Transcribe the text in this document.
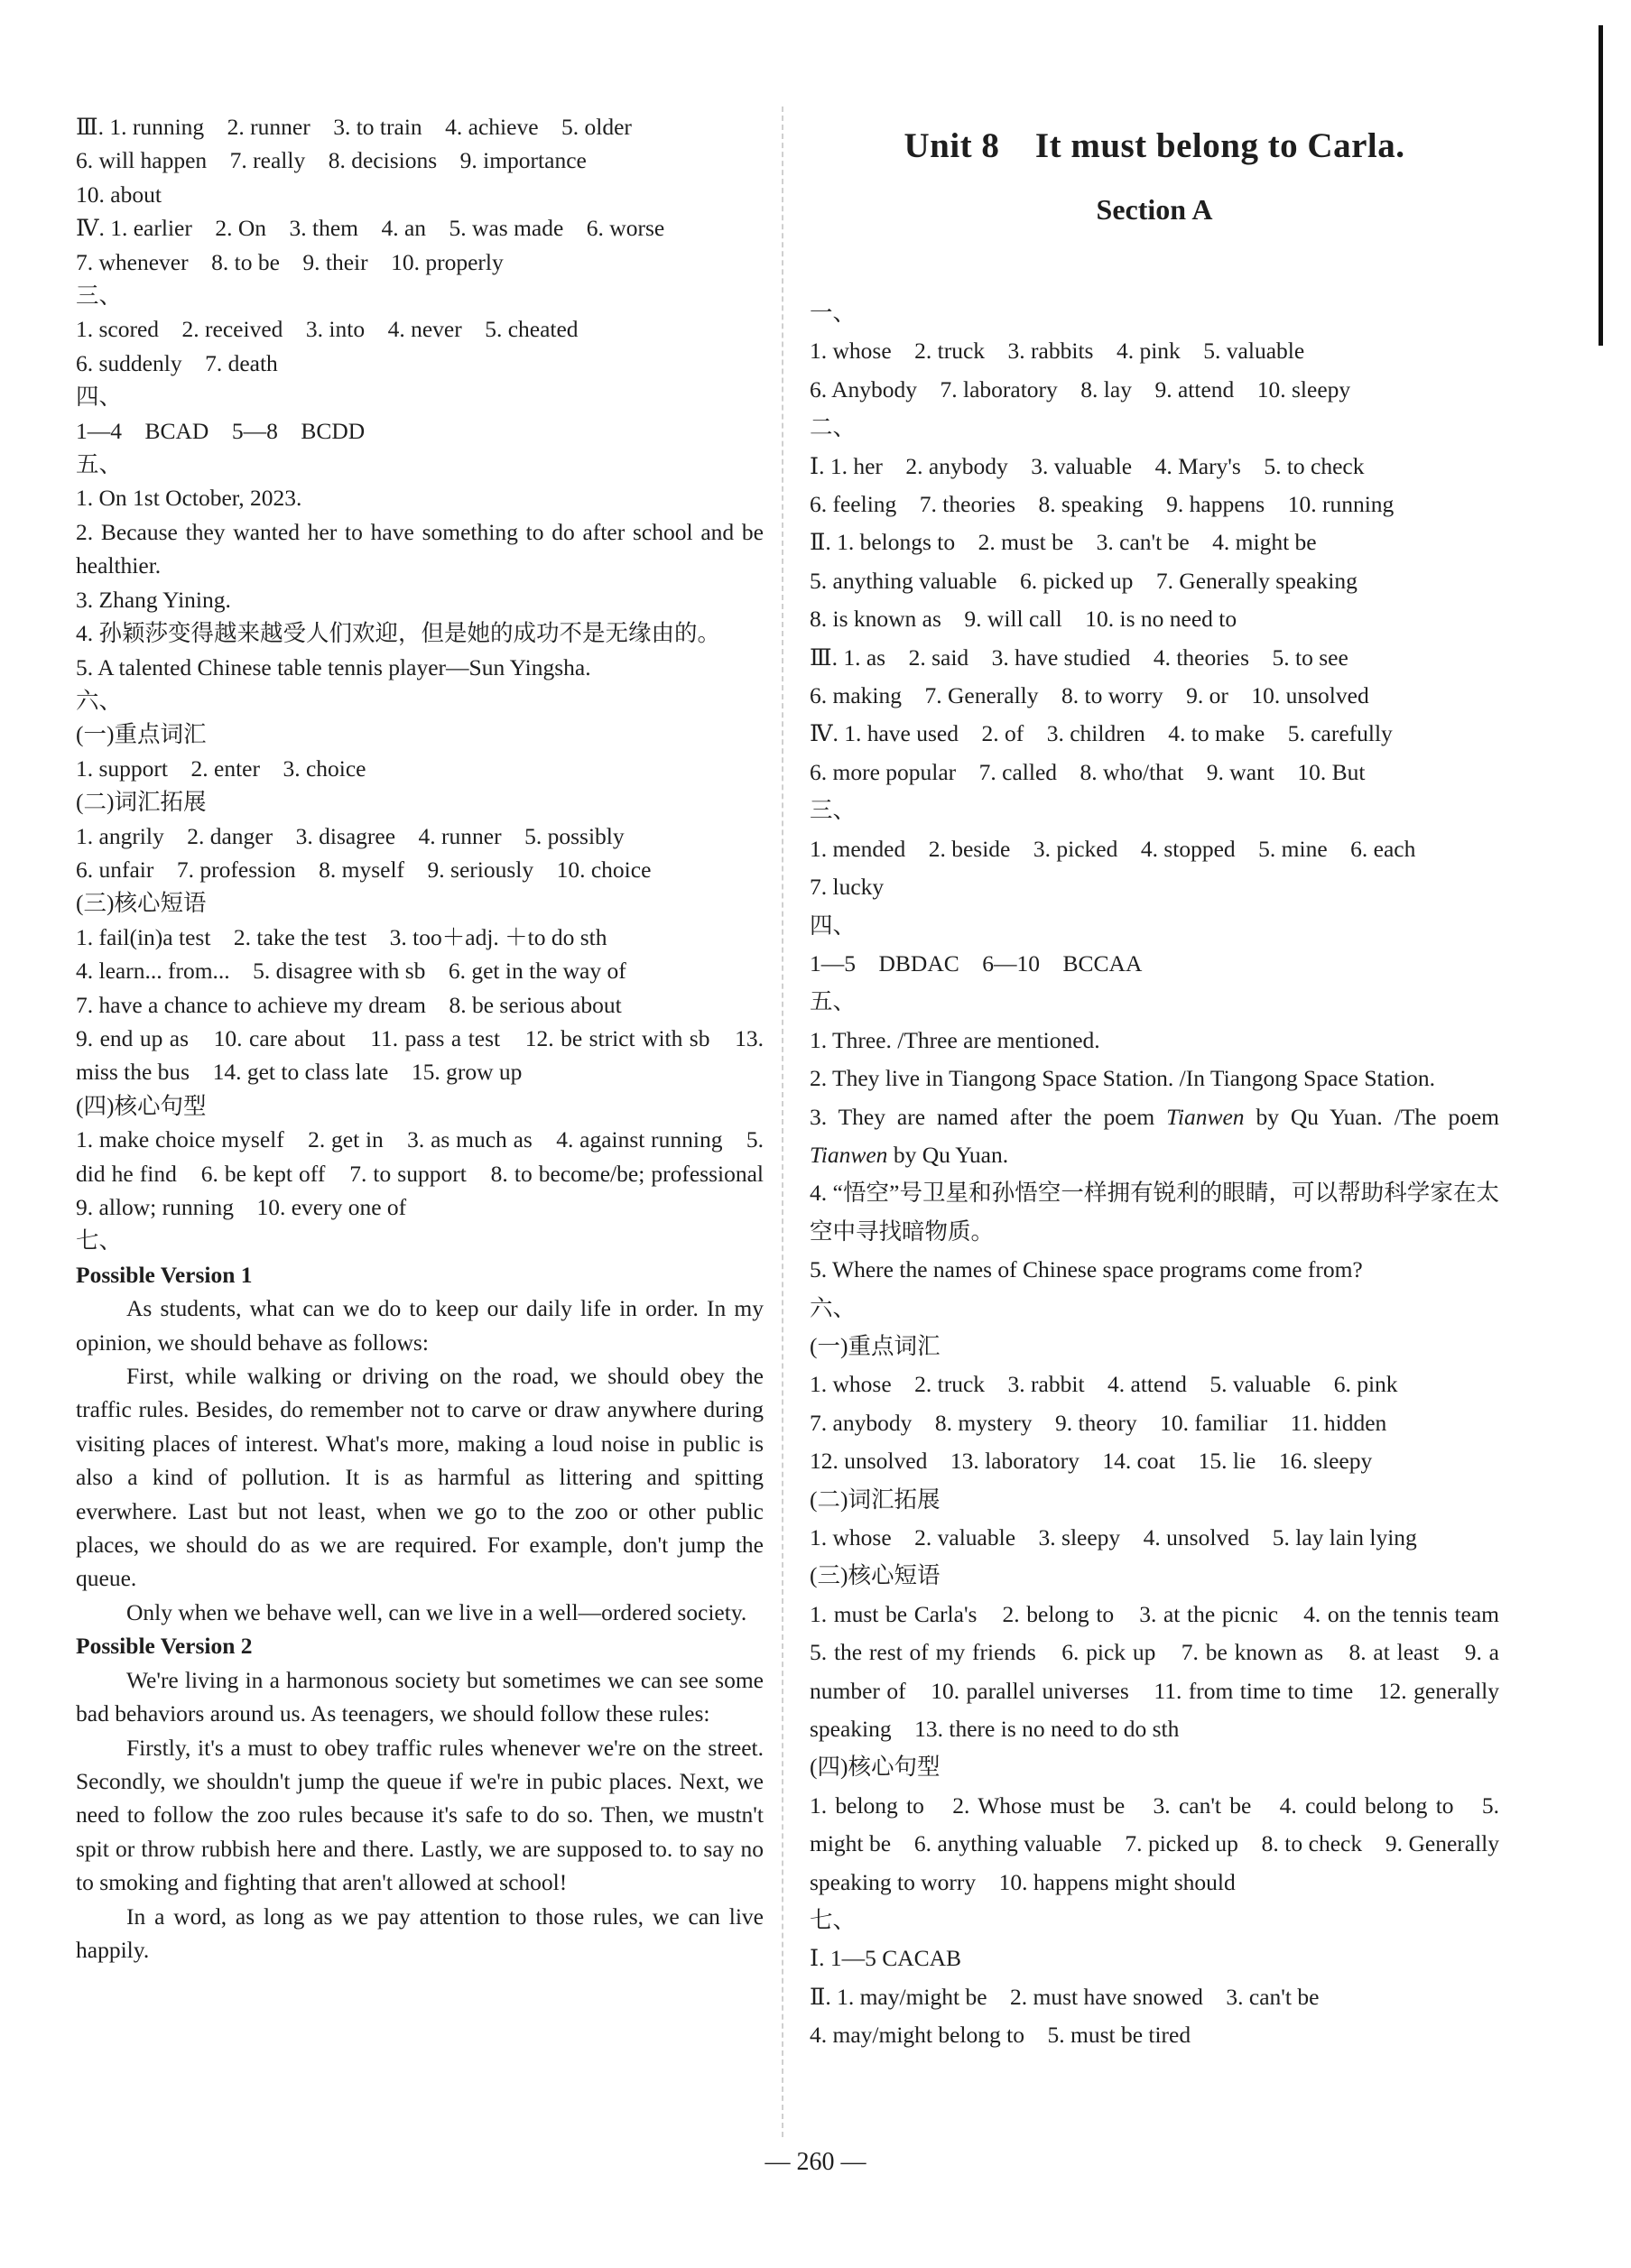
Ⅲ. 1. running　2. runner　3. to train　4. achieve　5. older
6. will happen　7. really　8. decisions　9. importance
10. about
Ⅳ. 1. earlier　2. On　3. them　4. an　5. was made　6. worse
7. whenever　8. to be　9. their　10. properly
三、
1. scored　2. received　3. into　4. never　5. cheated
6. suddenly　7. death
四、
1—4　BCAD　5—8　BCDD
五、
1. On 1st October, 2023.
2. Because they wanted her to have something to do after school and be healthier.
3. Zhang Yining.
4. 孙颖莎变得越来越受人们欢迎，但是她的成功不是无缘由的。
5. A talented Chinese table tennis player—Sun Yingsha.
六、
(一)重点词汇
1. support　2. enter　3. choice
(二)词汇拓展
1. angrily　2. danger　3. disagree　4. runner　5. possibly
6. unfair　7. profession　8. myself　9. seriously　10. choice
(三)核心短语
1. fail(in)a test　2. take the test　3. too＋adj. ＋to do sth
4. learn... from...　5. disagree with sb　6. get in the way of
7. have a chance to achieve my dream　8. be serious about
9. end up as　10. care about　11. pass a test　12. be strict with sb　13. miss the bus　14. get to class late　15. grow up
(四)核心句型
1. make choice myself　2. get in　3. as much as　4. against running　5. did he find　6. be kept off　7. to support　8. to become/be; professional　9. allow; running　10. every one of
七、
Possible Version 1
As students, what can we do to keep our daily life in order. In my opinion, we should behave as follows:
First, while walking or driving on the road, we should obey the traffic rules. Besides, do remember not to carve or draw anywhere during visiting places of interest. What's more, making a loud noise in public is also a kind of pollution. It is as harmful as littering and spitting everwhere. Last but not least, when we go to the zoo or other public places, we should do as we are required. For example, don't jump the queue.
Only when we behave well, can we live in a well—ordered society.
Possible Version 2
We're living in a harmonous society but sometimes we can see some bad behaviors around us. As teenagers, we should follow these rules:
Firstly, it's a must to obey traffic rules whenever we're on the street. Secondly, we shouldn't jump the queue if we're in pubic places. Next, we need to follow the zoo rules because it's safe to do so. Then, we mustn't spit or throw rubbish here and there. Lastly, we are supposed to. to say no to smoking and fighting that aren't allowed at school!
In a word, as long as we pay attention to those rules, we can live happily.
Unit 8　It must belong to Carla.
Section A
一、
1. whose　2. truck　3. rabbits　4. pink　5. valuable
6. Anybody　7. laboratory　8. lay　9. attend　10. sleepy
二、
Ⅰ. 1. her　2. anybody　3. valuable　4. Mary's　5. to check
6. feeling　7. theories　8. speaking　9. happens　10. running
Ⅱ. 1. belongs to　2. must be　3. can't be　4. might be
5. anything valuable　6. picked up　7. Generally speaking
8. is known as　9. will call　10. is no need to
Ⅲ. 1. as　2. said　3. have studied　4. theories　5. to see
6. making　7. Generally　8. to worry　9. or　10. unsolved
Ⅳ. 1. have used　2. of　3. children　4. to make　5. carefully
6. more popular　7. called　8. who/that　9. want　10. But
三、
1. mended　2. beside　3. picked　4. stopped　5. mine　6. each
7. lucky
四、
1—5　DBDAC　6—10　BCCAA
五、
1. Three. /Three are mentioned.
2. They live in Tiangong Space Station. /In Tiangong Space Station.
3. They are named after the poem Tianwen by Qu Yuan. /The poem Tianwen by Qu Yuan.
4. “悟空”号卫星和孙悟空一样拥有锐利的眼睛，可以帮助科学家在太空中寻找暗物质。
5. Where the names of Chinese space programs come from?
六、
(一)重点词汇
1. whose　2. truck　3. rabbit　4. attend　5. valuable　6. pink
7. anybody　8. mystery　9. theory　10. familiar　11. hidden
12. unsolved　13. laboratory　14. coat　15. lie　16. sleepy
(二)词汇拓展
1. whose　2. valuable　3. sleepy　4. unsolved　5. lay lain lying
(三)核心短语
1. must be Carla's　2. belong to　3. at the picnic　4. on the tennis team　5. the rest of my friends　6. pick up　7. be known as　8. at least　9. a number of　10. parallel universes　11. from time to time　12. generally speaking　13. there is no need to do sth
(四)核心句型
1. belong to　2. Whose must be　3. can't be　4. could belong to　5. might be　6. anything valuable　7. picked up　8. to check　9. Generally speaking to worry　10. happens might should
七、
Ⅰ. 1—5 CACAB
Ⅱ. 1. may/might be　2. must have snowed　3. can't be
4. may/might belong to　5. must be tired
— 260 —
